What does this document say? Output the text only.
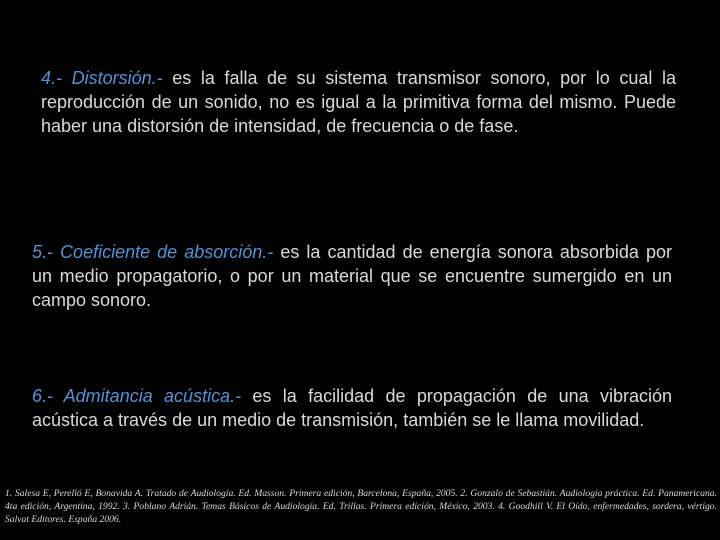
4.- Distorsión.- es la falla de su sistema transmisor sonoro, por lo cual la reproducción de un sonido, no es igual a la primitiva forma del mismo. Puede haber una distorsión de intensidad, de frecuencia o de fase.
5.- Coeficiente de absorción.- es la cantidad de energía sonora absorbida por un medio propagatorio, o por un material que se encuentre sumergido en un campo sonoro.
6.- Admitancia acústica.- es la facilidad de propagación de una vibración acústica a través de un medio de transmisión, también se le llama movilidad.
1. Salesa E, Perelló E, Bonavida A. Tratado de Audiología. Ed. Masson. Primera edición, Barcelona, España, 2005. 2. Gonzalo de Sebastián. Audiología práctica. Ed. Panamericana. 4ta edición, Argentina, 1992. 3. Poblano Adrián. Temas Básicos de Audiología. Ed. Trillas. Primera edición, México, 2003. 4. Goodhill V. El Oído, enfermedades, sordera, vértigo. Salvat Editores. España 2006.
